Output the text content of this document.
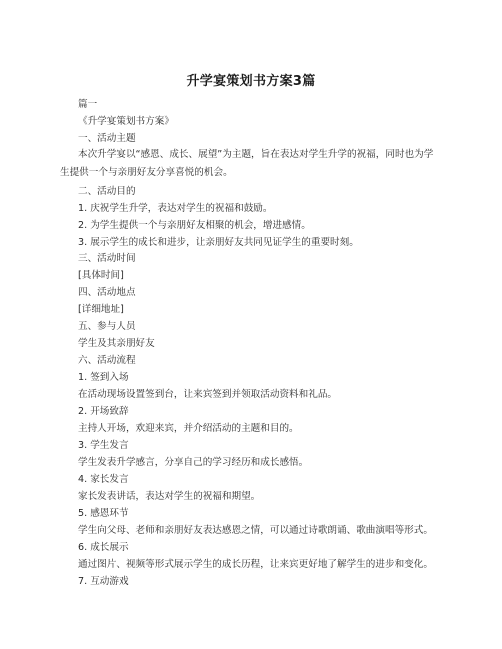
升学宴策划书方案3篇
篇一
《升学宴策划书方案》
一、活动主题
本次升学宴以“感恩、成长、展望”为主题，旨在表达对学生升学的祝福，同时也为学生提供一个与亲朋好友分享喜悦的机会。
二、活动目的
1. 庆祝学生升学，表达对学生的祝福和鼓励。
2. 为学生提供一个与亲朋好友相聚的机会，增进感情。
3. 展示学生的成长和进步，让亲朋好友共同见证学生的重要时刻。
三、活动时间
[具体时间]
四、活动地点
[详细地址]
五、参与人员
学生及其亲朋好友
六、活动流程
1. 签到入场
在活动现场设置签到台，让来宾签到并领取活动资料和礼品。
2. 开场致辞
主持人开场，欢迎来宾，并介绍活动的主题和目的。
3. 学生发言
学生发表升学感言，分享自己的学习经历和成长感悟。
4. 家长发言
家长发表讲话，表达对学生的祝福和期望。
5. 感恩环节
学生向父母、老师和亲朋好友表达感恩之情，可以通过诗歌朗诵、歌曲演唱等形式。
6. 成长展示
通过图片、视频等形式展示学生的成长历程，让来宾更好地了解学生的进步和变化。
7. 互动游戏
